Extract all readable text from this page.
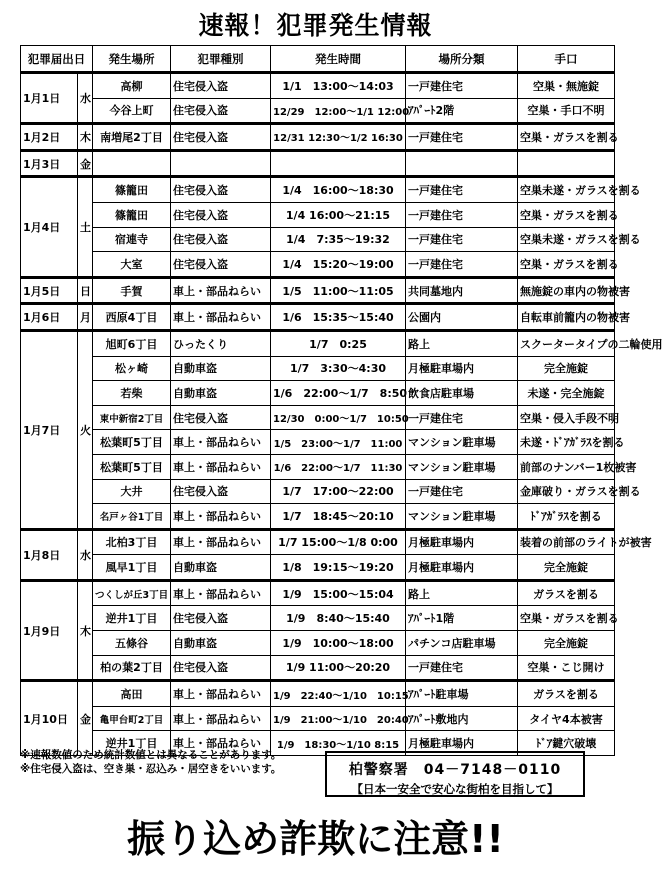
速報！犯罪発生情報
犯罪届出日		発生場所	犯罪種別	発生時間	場所分類	手口
1月1日	水	高柳	住宅侵入盗	1/1　13:00～14:03	一戸建住宅	空巣・無施錠
		今谷上町	住宅侵入盗	12/29　12:00～1/1 12:00	ｱﾊﾟｰﾄ2階	空巣・手口不明
1月2日	木	南増尾2丁目	住宅侵入盗	12/31 12:30～1/2 16:30	一戸建住宅	空巣・ガラスを割る
1月3日	金					
1月4日	土	篠籠田	住宅侵入盗	1/4　16:00～18:30	一戸建住宅	空巣未遂・ガラスを割る
		篠籠田	住宅侵入盗	1/4 16:00～21:15	一戸建住宅	空巣・ガラスを割る
		宿連寺	住宅侵入盗	1/4　7:35～19:32	一戸建住宅	空巣未遂・ガラスを割る
		大室	住宅侵入盗	1/4　15:20～19:00	一戸建住宅	空巣・ガラスを割る
1月5日	日	手賀	車上・部品ねらい	1/5　11:00～11:05	共同墓地内	無施錠の車内の物被害
1月6日	月	西原4丁目	車上・部品ねらい	1/6　15:35～15:40	公園内	自転車前籠内の物被害
1月7日	火	旭町6丁目	ひったくり	1/7　0:25	路上	スクータータイプの二輪使用
		松ヶ崎	自動車盗	1/7　3:30～4:30	月極駐車場内	完全施錠
		若柴	自動車盗	1/6　22:00～1/7　8:50	飲食店駐車場	未遂・完全施錠
		東中新宿2丁目	住宅侵入盗	12/30　0:00～1/7　10:50	一戸建住宅	空巣・侵入手段不明
		松葉町5丁目	車上・部品ねらい	1/5　23:00～1/7　11:00	マンション駐車場	未遂・ﾄﾞｱｶﾞﾗｽを割る
		松葉町5丁目	車上・部品ねらい	1/6　22:00～1/7　11:30	マンション駐車場	前部のナンバー1枚被害
		大井	住宅侵入盗	1/7　17:00～22:00	一戸建住宅	金庫破り・ガラスを割る
		名戸ヶ谷1丁目	車上・部品ねらい	1/7　18:45～20:10	マンション駐車場	ﾄﾞｱｶﾞﾗｽを割る
1月8日	水	北柏3丁目	車上・部品ねらい	1/7 15:00～1/8 0:00	月極駐車場内	装着の前部のライトが被害
		風早1丁目	自動車盗	1/8　19:15～19:20	月極駐車場内	完全施錠
1月9日	木	つくしが丘3丁目	車上・部品ねらい	1/9　15:00～15:04	路上	ガラスを割る
		逆井1丁目	住宅侵入盗	1/9　8:40～15:40	ｱﾊﾟｰﾄ1階	空巣・ガラスを割る
		五條谷	自動車盗	1/9　10:00～18:00	パチンコ店駐車場	完全施錠
		柏の葉2丁目	住宅侵入盗	1/9 11:00～20:20	一戸建住宅	空巣・こじ開け
1月10日	金	高田	車上・部品ねらい	1/9　22:40～1/10　10:15	ｱﾊﾟｰﾄ駐車場	ガラスを割る
		亀甲台町2丁目	車上・部品ねらい	1/9　21:00～1/10　20:40	ｱﾊﾟｰﾄ敷地内	タイヤ4本被害
		逆井1丁目	車上・部品ねらい	1/9　18:30～1/10 8:15	月極駐車場内	ﾄﾞｱ鍵穴破壊
※速報数値のため統計数値とは異なることがあります。
※住宅侵入盗は、空き巣・忍込み・居空きをいいます。	柏警察署　04－7148－0110
【日本一安全で安心な街柏を目指して】
振り込め詐欺に注意!!
